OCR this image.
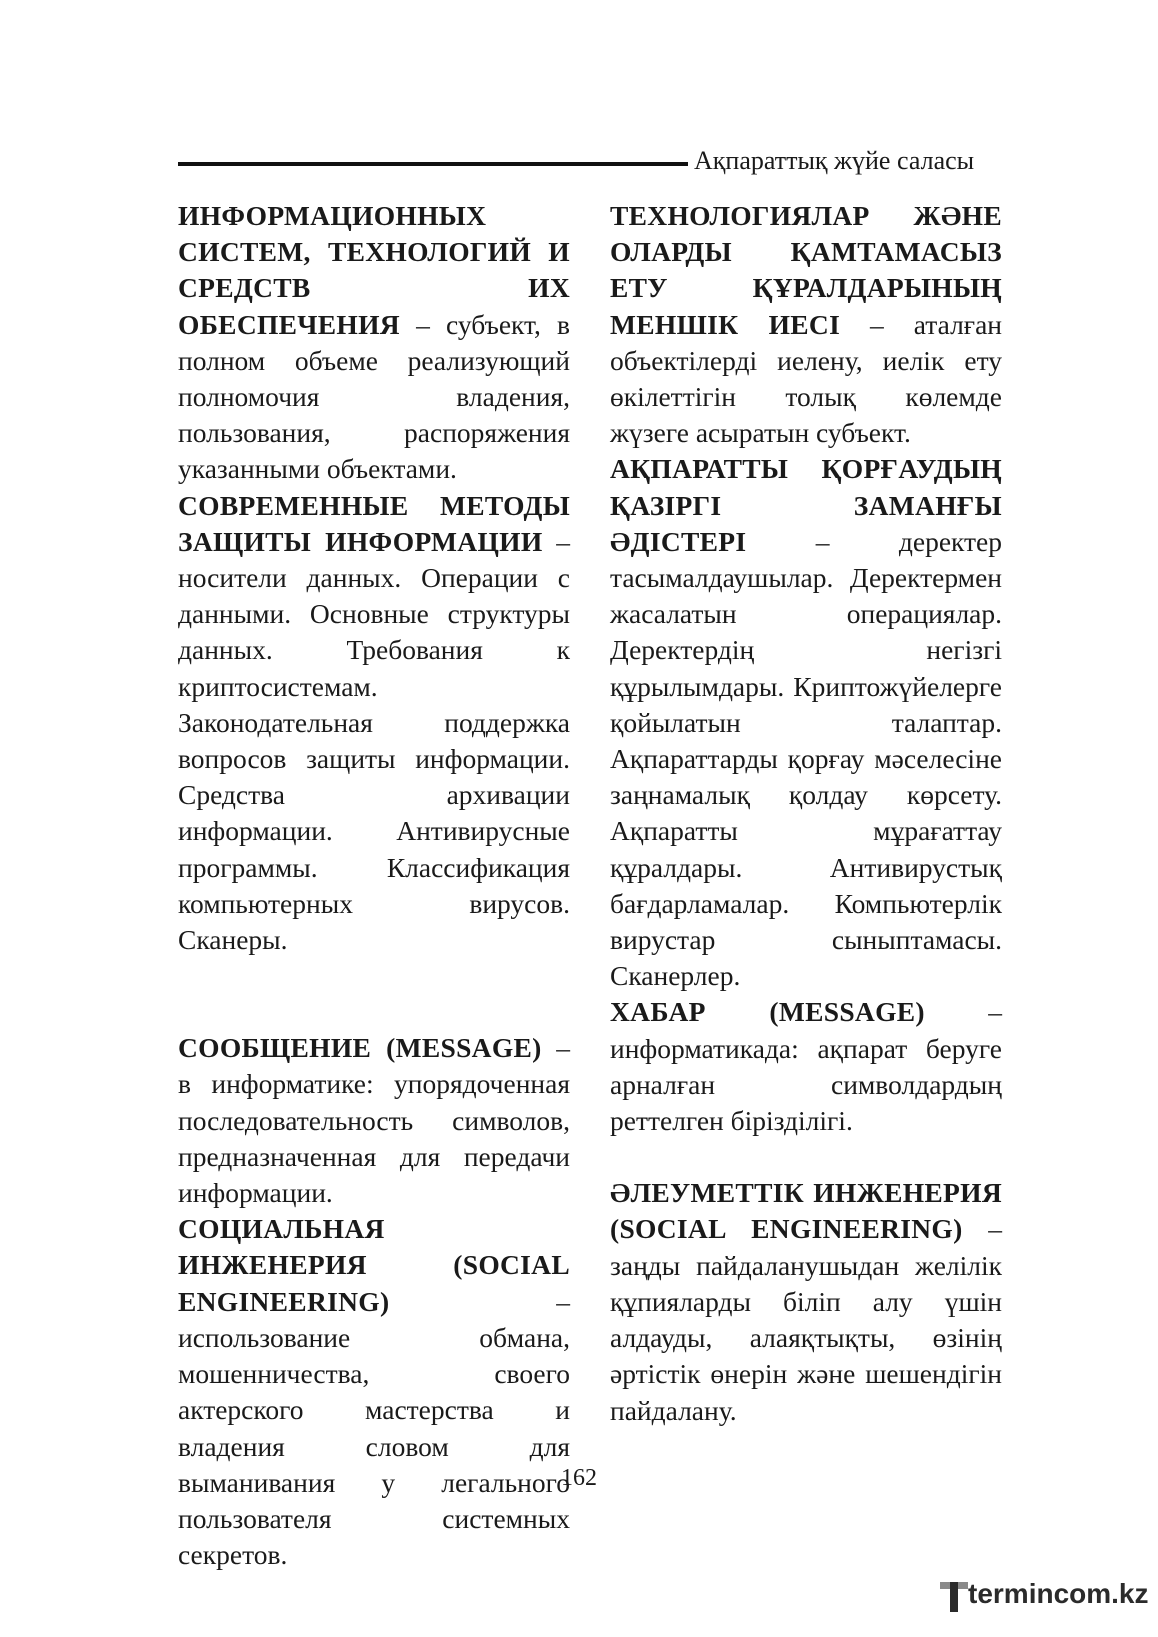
Ақпараттық жүйе саласы

ИНФОРМАЦИОННЫХ СИСТЕМ, ТЕХНОЛОГИЙ И СРЕДСТВ ИХ ОБЕСПЕЧЕНИЯ – субъект, в полном объеме реализующий полномочия владения, пользования, распоряжения указанными объектами.

СОВРЕМЕННЫЕ МЕТОДЫ ЗАЩИТЫ ИНФОРМАЦИИ – носители данных. Операции с данными. Основные структуры данных. Требования к криптосистемам. Законодательная поддержка вопросов защиты информации. Средства архивации информации. Антивирусные программы. Классификация компьютерных вирусов. Сканеры.

СООБЩЕНИЕ (MESSAGE) – в информатике: упорядоченная последовательность символов, предназначенная для передачи информации.

СОЦИАЛЬНАЯ ИНЖЕНЕРИЯ (SOCIAL ENGINEERING) – использование обмана, мошенничества, своего актерского мастерства и владения словом для выманивания у легального пользователя системных секретов.

ТЕХНОЛОГИЯЛАР ЖӘНЕ ОЛАРДЫ ҚАМТАМАСЫЗ ЕТУ ҚҰРАЛДАРЫНЫҢ МЕНШІК ИЕСІ – аталған объектілерді иелену, иелік ету өкілеттігін толық көлемде жүзеге асыратын субъект.

АҚПАРАТТЫ ҚОРҒАУДЫҢ ҚАЗІРГІ ЗАМАНҒЫ ӘДІСТЕРІ – деректер тасымалдаушылар. Деректермен жасалатын операциялар. Деректердің негізгі құрылымдары. Криптожүйелерге қойылатын талаптар. Ақпараттарды қорғау мәселесіне заңнамалық қолдау көрсету. Ақпаратты мұрағаттау құралдары. Антивирустық бағдарламалар. Компьютерлік вирустар сыныптамасы. Сканерлер.

ХАБАР (MESSAGE) – информатикада: ақпарат беруге арналған символдардың реттелген бірізділігі.

ӘЛЕУМЕТТІК ИНЖЕНЕРИЯ (SOCIAL ENGINEERING) – заңды пайдаланушыдан желілік құпияларды біліп алу үшін алдауды, алаяқтықты, өзінің әртістік өнерін және шешендігін пайдалану.

162
termincom.kz
